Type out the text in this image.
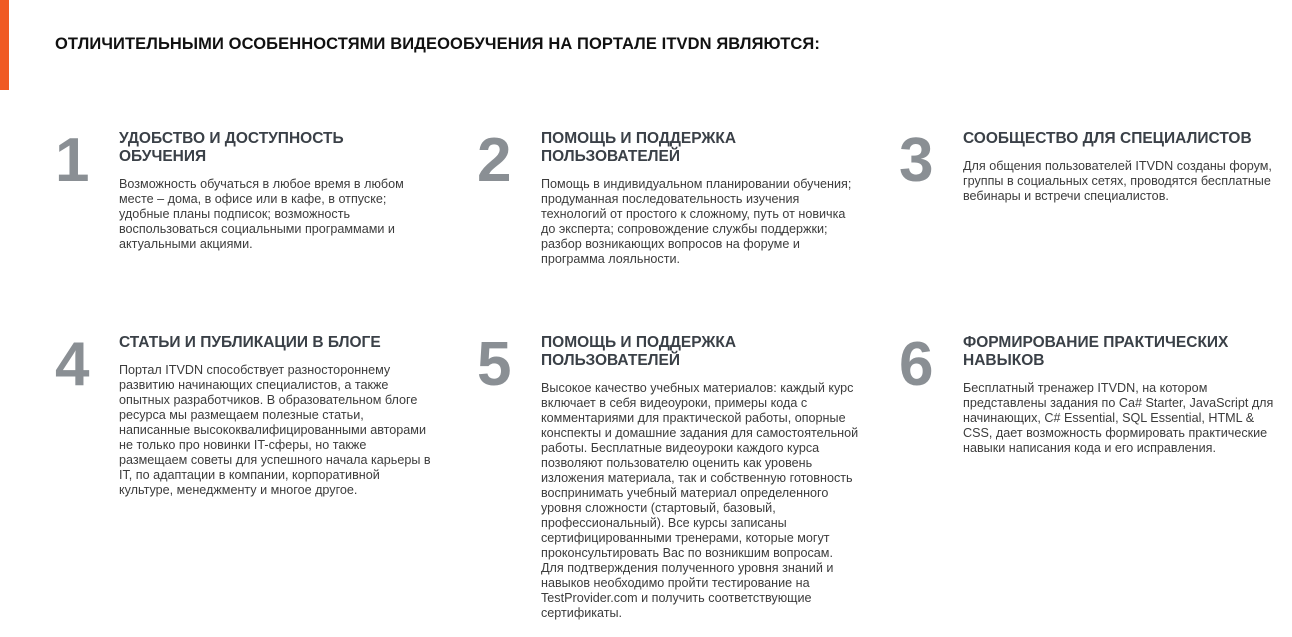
ОТЛИЧИТЕЛЬНЫМИ ОСОБЕННОСТЯМИ ВИДЕООБУЧЕНИЯ НА ПОРТАЛЕ ITVDN ЯВЛЯЮТСЯ:
1 УДОБСТВО И ДОСТУПНОСТЬ ОБУЧЕНИЯ

Возможность обучаться в любое время в любом месте – дома, в офисе или в кафе, в отпуске; удобные планы подписок; возможность воспользоваться социальными программами и актуальными акциями.

2 ПОМОЩЬ И ПОДДЕРЖКА ПОЛЬЗОВАТЕЛЕЙ

Помощь в индивидуальном планировании обучения; продуманная последовательность изучения технологий от простого к сложному, путь от новичка до эксперта; сопровождение службы поддержки; разбор возникающих вопросов на форуме и программа лояльности.

3 СООБЩЕСТВО ДЛЯ СПЕЦИАЛИСТОВ

Для общения пользователей ITVDN созданы форум, группы в социальных сетях, проводятся бесплатные вебинары и встречи специалистов.

4 СТАТЬИ И ПУБЛИКАЦИИ В БЛОГЕ

Портал ITVDN способствует разностороннему развитию начинающих специалистов, а также опытных разработчиков. В образовательном блоге ресурса мы размещаем полезные статьи, написанные высококвалифицированными авторами не только про новинки IT-сферы, но также размещаем советы для успешного начала карьеры в IT, по адаптации в компании, корпоративной культуре, менеджменту и многое другое.

5 ПОМОЩЬ И ПОДДЕРЖКА ПОЛЬЗОВАТЕЛЕЙ

Высокое качество учебных материалов: каждый курс включает в себя видеоуроки, примеры кода с комментариями для практической работы, опорные конспекты и домашние задания для самостоятельной работы. Бесплатные видеоуроки каждого курса позволяют пользователю оценить как уровень изложения материала, так и собственную готовность воспринимать учебный материал определенного уровня сложности (стартовый, базовый, профессиональный). Все курсы записаны сертифицированными тренерами, которые могут проконсультировать Вас по возникшим вопросам. Для подтверждения полученного уровня знаний и навыков необходимо пройти тестирование на TestProvider.com и получить соответствующие сертификаты.

6 ФОРМИРОВАНИЕ ПРАКТИЧЕСКИХ НАВЫКОВ

Бесплатный тренажер ITVDN, на котором представлены задания по Ca# Starter, JavaScript для начинающих, C# Essential, SQL Essential, HTML & CSS, дает возможность формировать практические навыки написания кода и его исправления.
